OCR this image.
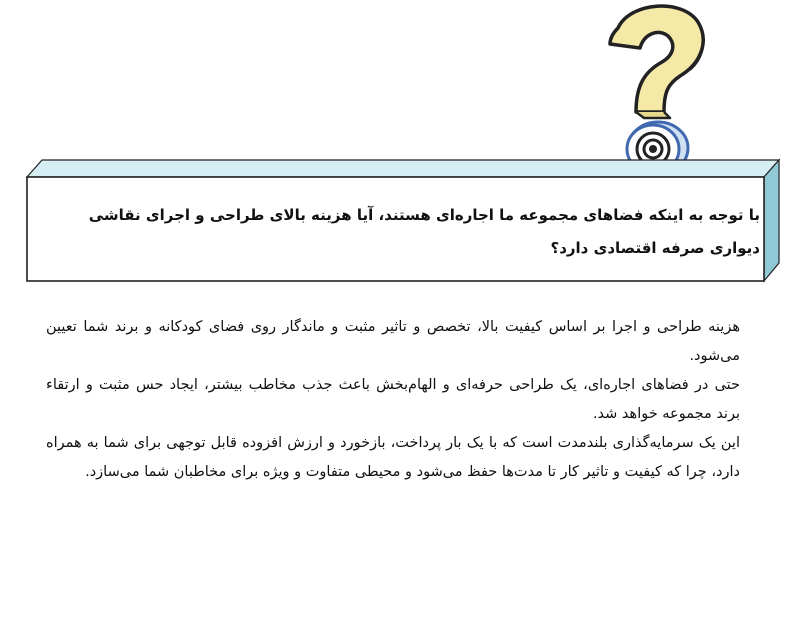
با توجه به اینکه فضاهای مجموعه ما اجاره‌ای هستند، آیا هزینه بالای طراحی و اجرای نقاشی دیواری صرفه اقتصادی دارد؟

هزینه طراحی و اجرا بر اساس کیفیت بالا، تخصص و تاثیر مثبت و ماندگار روی فضای کودکانه و برند شما تعیین می‌شود.

حتی در فضاهای اجاره‌ای، یک طراحی حرفه‌ای و الهام‌بخش باعث جذب مخاطب بیشتر، ایجاد حس مثبت و ارتقاء برند مجموعه خواهد شد.

این یک سرمایه‌گذاری بلندمدت است که با یک بار پرداخت، بازخورد و ارزش افزوده قابل توجهی برای شما به همراه دارد، چرا که کیفیت و تاثیر کار تا مدت‌ها حفظ می‌شود و محیطی متفاوت و ویژه برای مخاطبان شما می‌سازد.
